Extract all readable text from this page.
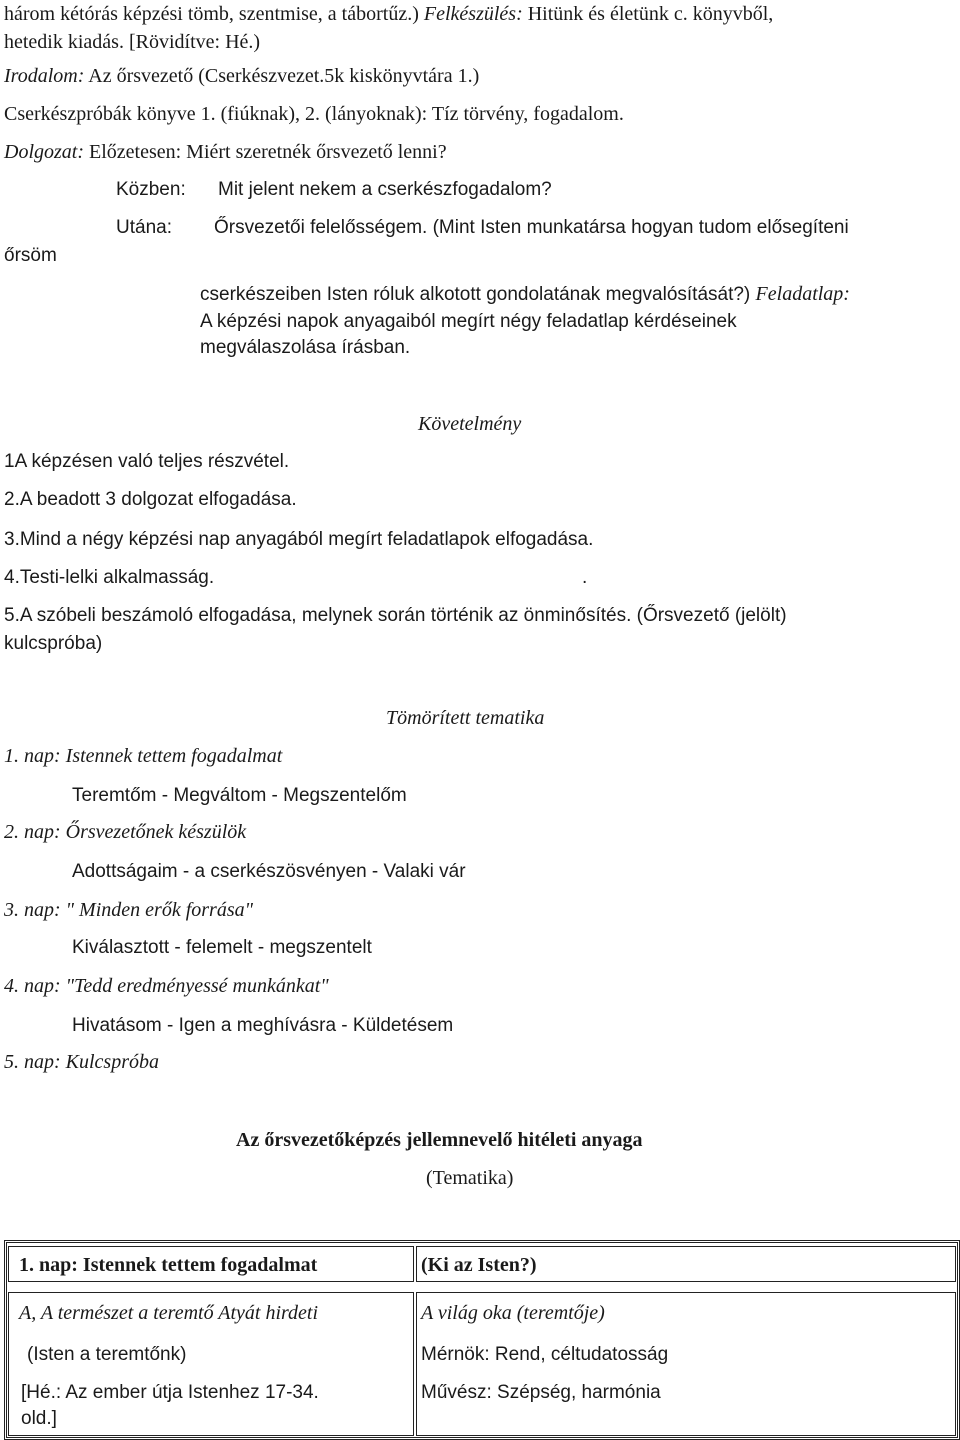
három kétórás képzési tömb, szentmise, a tábortűz.) Felkészülés: Hitünk és életünk c. könyvből,
hetedik kiadás. [Rövidítve: Hé.)
Irodalom: Az őrsvezető (Cserkészvezet.5k kiskönyvtára 1.)
Cserkészpróbák könyve 1. (fiúknak), 2. (lányoknak): Tíz törvény, fogadalom.
Dolgozat: Előzetesen: Miért szeretnék őrsvezető lenni?
Közben: Mit jelent nekem a cserkészfogadalom?
Utána: Őrsvezetői felelősségem. (Mint Isten munkatársa hogyan tudom elősegíteni
őrsöm
cserkészeiben Isten róluk alkotott gondolatának megvalósítását?) Feladatlap:
A képzési napok anyagaiból megírt négy feladatlap kérdéseinek
megválaszolása írásban.
Követelmény
1A képzésen való teljes részvétel.
2.A beadott 3 dolgozat elfogadása.
3.Mind a négy képzési nap anyagából megírt feladatlapok elfogadása.
4.Testi-lelki alkalmasság.	.
5.A szóbeli beszámoló elfogadása, melynek során történik az önminősítés. (Őrsvezető (jelölt)
kulcspróba)
Tömörített tematika
1. nap: Istennek tettem fogadalmat
Teremtőm - Megváltom - Megszentelőm
2. nap: Őrsvezetőnek készülök
Adottságaim - a cserkészösvényen - Valaki vár
3. nap: " Minden erők forrása"
Kiválasztott - felemelt - megszentelt
4. nap: "Tedd eredményessé munkánkat"
Hivatásom - Igen a meghívásra - Küldetésem
5. nap: Kulcspróba
Az őrsvezetőképzés jellemnevelő hitéleti anyaga
(Tematika)
1. nap: Istennek tettem fogadalmat	(Ki az Isten?)
A, A természet a teremtő Atyát hirdeti
(Isten a teremtőnk)
[Hé.: Az ember útja Istenhez 17-34.
old.]
A világ oka (teremtője)
Mérnök: Rend, céltudatosság
Művész: Szépség, harmónia
